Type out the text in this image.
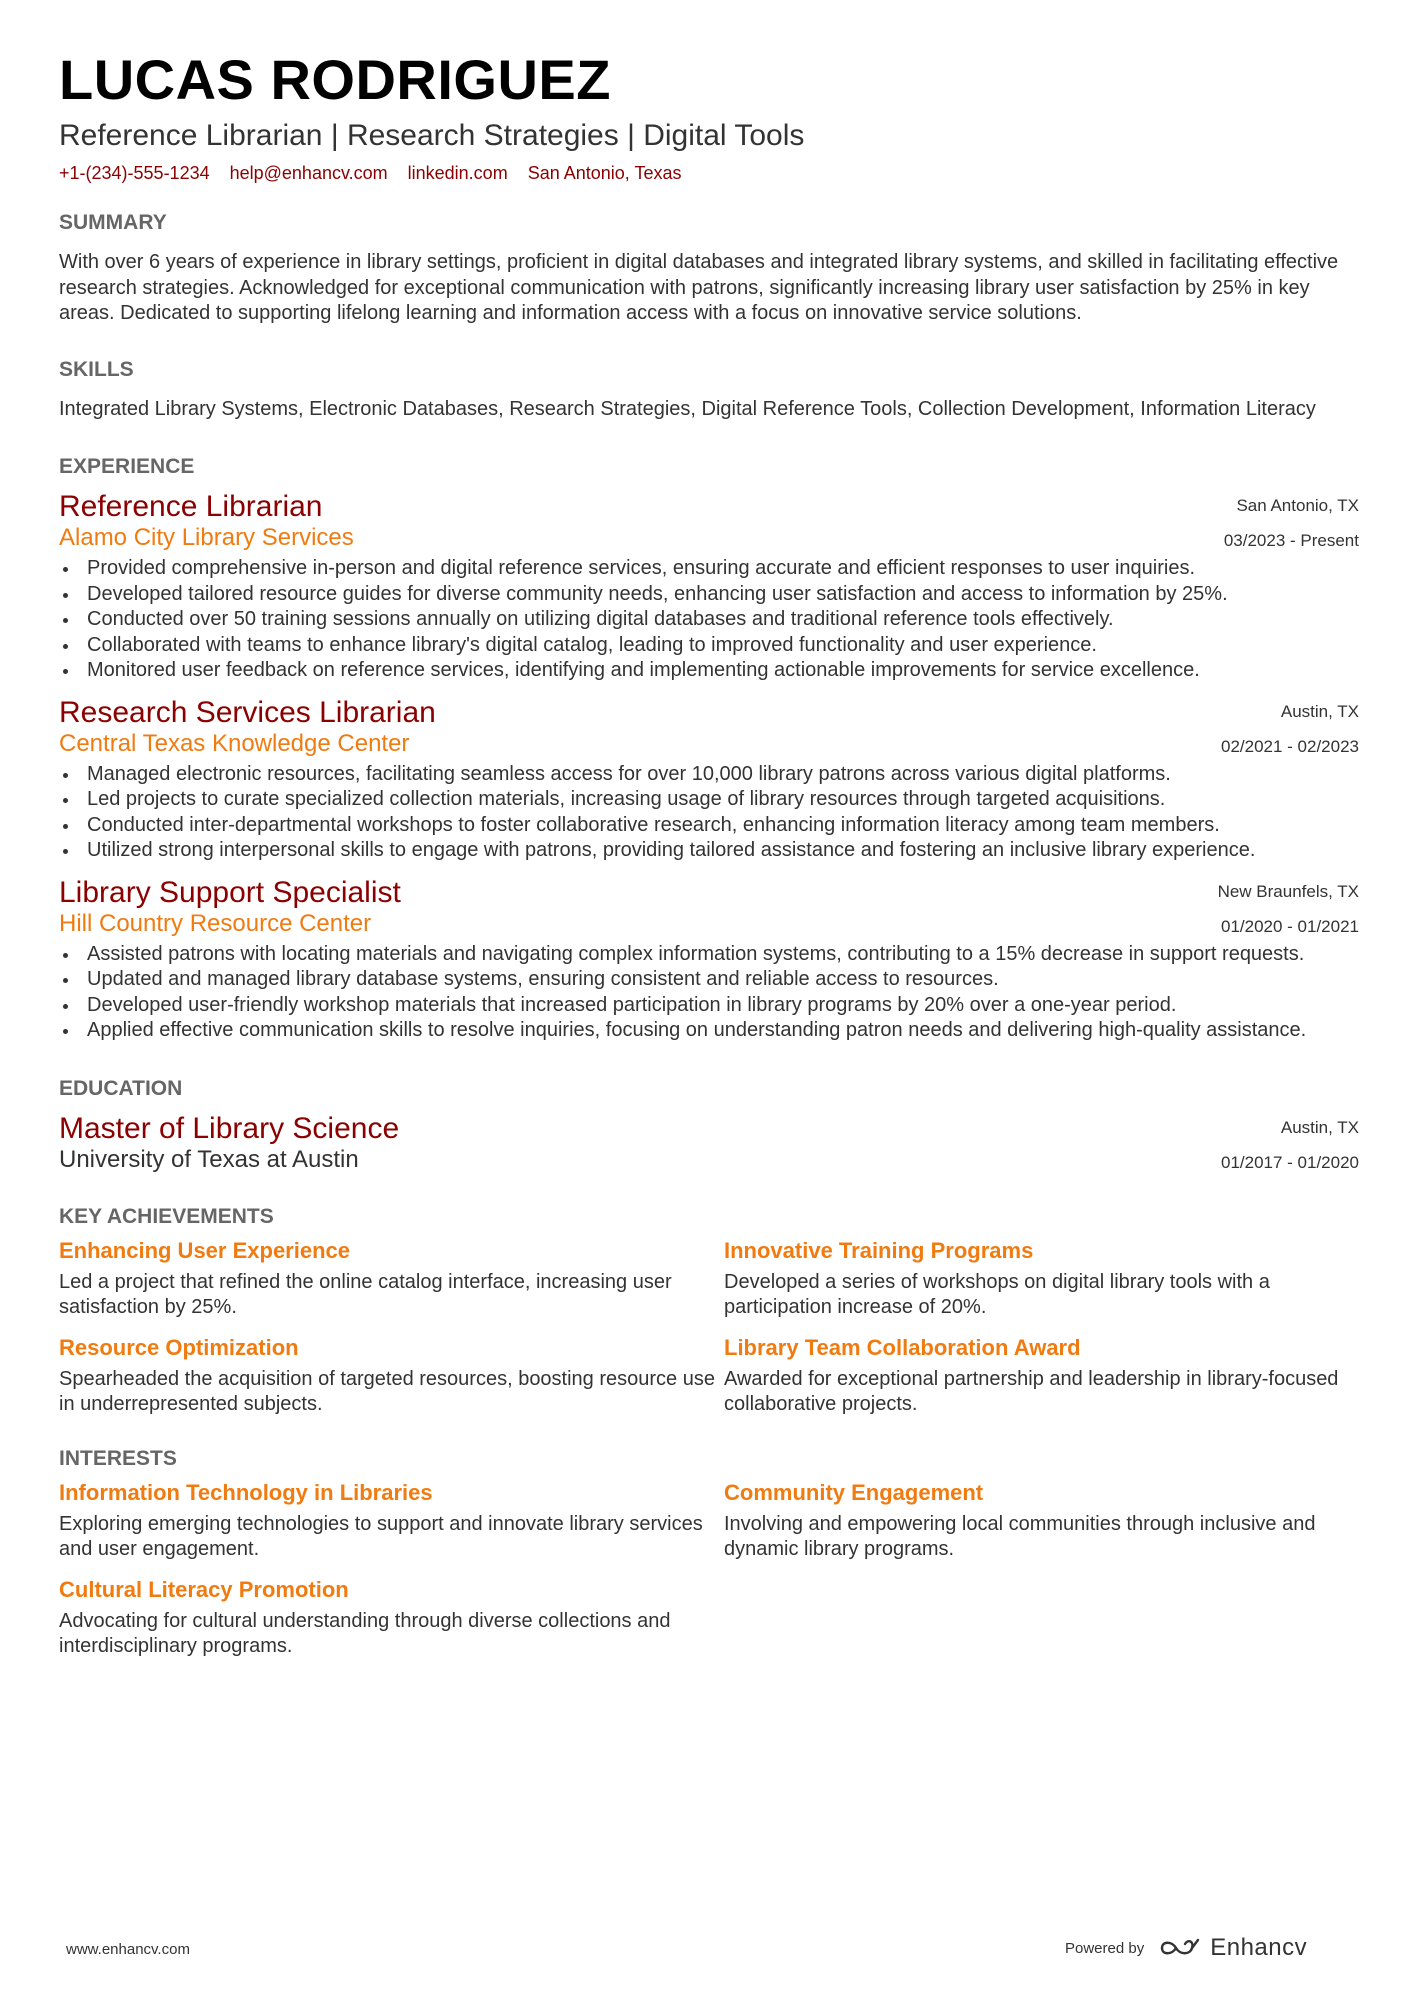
LUCAS RODRIGUEZ
Reference Librarian | Research Strategies | Digital Tools
+1-(234)-555-1234 help@enhancv.com linkedin.com San Antonio, Texas
SUMMARY
With over 6 years of experience in library settings, proficient in digital databases and integrated library systems, and skilled in facilitating effective research strategies. Acknowledged for exceptional communication with patrons, significantly increasing library user satisfaction by 25% in key areas. Dedicated to supporting lifelong learning and information access with a focus on innovative service solutions.
SKILLS
Integrated Library Systems, Electronic Databases, Research Strategies, Digital Reference Tools, Collection Development, Information Literacy
EXPERIENCE
Reference Librarian
Alamo City Library Services
San Antonio, TX
03/2023 - Present
Provided comprehensive in-person and digital reference services, ensuring accurate and efficient responses to user inquiries.
Developed tailored resource guides for diverse community needs, enhancing user satisfaction and access to information by 25%.
Conducted over 50 training sessions annually on utilizing digital databases and traditional reference tools effectively.
Collaborated with teams to enhance library's digital catalog, leading to improved functionality and user experience.
Monitored user feedback on reference services, identifying and implementing actionable improvements for service excellence.
Research Services Librarian
Central Texas Knowledge Center
Austin, TX
02/2021 - 02/2023
Managed electronic resources, facilitating seamless access for over 10,000 library patrons across various digital platforms.
Led projects to curate specialized collection materials, increasing usage of library resources through targeted acquisitions.
Conducted inter-departmental workshops to foster collaborative research, enhancing information literacy among team members.
Utilized strong interpersonal skills to engage with patrons, providing tailored assistance and fostering an inclusive library experience.
Library Support Specialist
Hill Country Resource Center
New Braunfels, TX
01/2020 - 01/2021
Assisted patrons with locating materials and navigating complex information systems, contributing to a 15% decrease in support requests.
Updated and managed library database systems, ensuring consistent and reliable access to resources.
Developed user-friendly workshop materials that increased participation in library programs by 20% over a one-year period.
Applied effective communication skills to resolve inquiries, focusing on understanding patron needs and delivering high-quality assistance.
EDUCATION
Master of Library Science
University of Texas at Austin
Austin, TX
01/2017 - 01/2020
KEY ACHIEVEMENTS
Enhancing User Experience
Led a project that refined the online catalog interface, increasing user satisfaction by 25%.
Innovative Training Programs
Developed a series of workshops on digital library tools with a participation increase of 20%.
Resource Optimization
Spearheaded the acquisition of targeted resources, boosting resource use in underrepresented subjects.
Library Team Collaboration Award
Awarded for exceptional partnership and leadership in library-focused collaborative projects.
INTERESTS
Information Technology in Libraries
Exploring emerging technologies to support and innovate library services and user engagement.
Community Engagement
Involving and empowering local communities through inclusive and dynamic library programs.
Cultural Literacy Promotion
Advocating for cultural understanding through diverse collections and interdisciplinary programs.
www.enhancv.com	Powered by	Enhancv
